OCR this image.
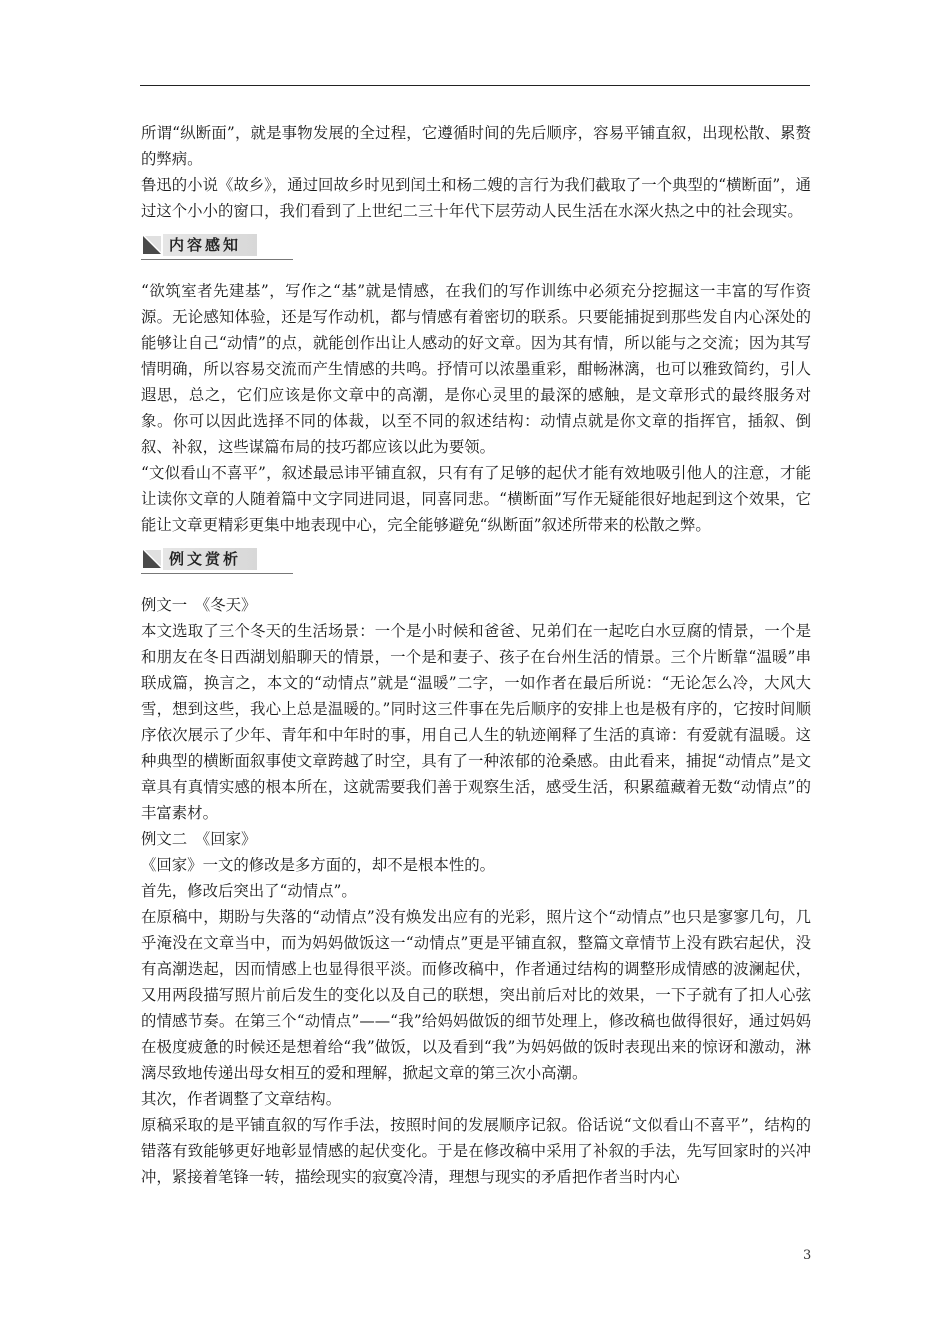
所谓“纵断面”，就是事物发展的全过程，它遵循时间的先后顺序，容易平铺直叙，出现松散、累赘的弊病。

鲁迅的小说《故乡》，通过回故乡时见到闰土和杨二嫂的言行为我们截取了一个典型的“横断面”，通过这个小小的窗口，我们看到了上世纪二三十年代下层劳动人民生活在水深火热之中的社会现实。

内容感知

“欲筑室者先建基”，写作之“基”就是情感，在我们的写作训练中必须充分挖掘这一丰富的写作资源。无论感知体验，还是写作动机，都与情感有着密切的联系。只要能捕捉到那些发自内心深处的能够让自己“动情”的点，就能创作出让人感动的好文章。因为其有情，所以能与之交流；因为其写情明确，所以容易交流而产生情感的共鸣。抒情可以浓墨重彩，酣畅淋漓，也可以雅致简约，引人遐思，总之，它们应该是你文章中的高潮，是你心灵里的最深的感触，是文章形式的最终服务对象。你可以因此选择不同的体裁，以至不同的叙述结构：动情点就是你文章的指挥官，插叙、倒叙、补叙，这些谋篇布局的技巧都应该以此为要领。

“文似看山不喜平”，叙述最忌讳平铺直叙，只有有了足够的起伏才能有效地吸引他人的注意，才能让读你文章的人随着篇中文字同进同退，同喜同悲。“横断面”写作无疑能很好地起到这个效果，它能让文章更精彩更集中地表现中心，完全能够避免“纵断面”叙述所带来的松散之弊。

例文赏析

例文一　《冬天》

本文选取了三个冬天的生活场景：一个是小时候和爸爸、兄弟们在一起吃白水豆腐的情景，一个是和朋友在冬日西湖划船聊天的情景，一个是和妻子、孩子在台州生活的情景。三个片断靠“温暖”串联成篇，换言之，本文的“动情点”就是“温暖”二字，一如作者在最后所说：“无论怎么冷，大风大雪，想到这些，我心上总是温暖的。”同时这三件事在先后顺序的安排上也是极有序的，它按时间顺序依次展示了少年、青年和中年时的事，用自己人生的轨迹阐释了生活的真谛：有爱就有温暖。这种典型的横断面叙事使文章跨越了时空，具有了一种浓郁的沧桑感。由此看来，捕捉“动情点”是文章具有真情实感的根本所在，这就需要我们善于观察生活，感受生活，积累蕴藏着无数“动情点”的丰富素材。

例文二　《回家》

《回家》一文的修改是多方面的，却不是根本性的。

首先，修改后突出了“动情点”。

在原稿中，期盼与失落的“动情点”没有焕发出应有的光彩，照片这个“动情点”也只是寥寥几句，几乎淹没在文章当中，而为妈妈做饭这一“动情点”更是平铺直叙，整篇文章情节上没有跌宕起伏，没有高潮迭起，因而情感上也显得很平淡。而修改稿中，作者通过结构的调整形成情感的波澜起伏，又用两段描写照片前后发生的变化以及自己的联想，突出前后对比的效果，一下子就有了扣人心弦的情感节奏。在第三个“动情点”——“我”给妈妈做饭的细节处理上，修改稿也做得很好，通过妈妈在极度疲惫的时候还是想着给“我”做饭，以及看到“我”为妈妈做的饭时表现出来的惊讶和激动，淋漓尽致地传递出母女相互的爱和理解，掀起文章的第三次小高潮。

其次，作者调整了文章结构。

原稿采取的是平铺直叙的写作手法，按照时间的发展顺序记叙。俗话说“文似看山不喜平”，结构的错落有致能够更好地彰显情感的起伏变化。于是在修改稿中采用了补叙的手法，先写回家时的兴冲冲，紧接着笔锋一转，描绘现实的寂寞冷清，理想与现实的矛盾把作者当时内心

3
